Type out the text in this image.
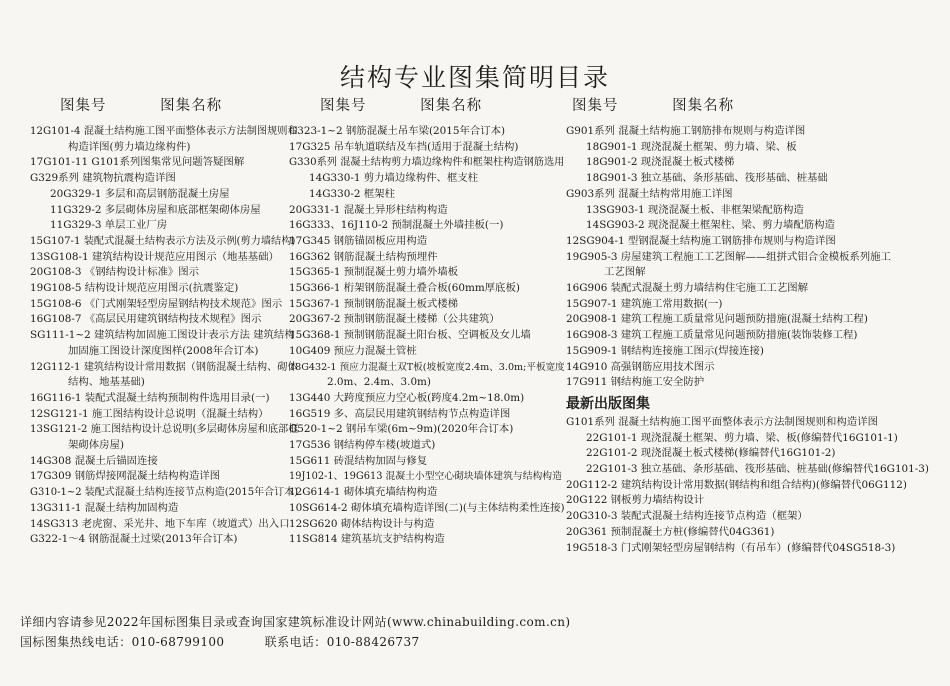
结构专业图集简明目录
图集号	图集名称	图集号	图集名称	图集号	图集名称
12G101-4 混凝土结构施工图平面整体表示方法制图规则和
构造详图(剪力墙边缘构件)
17G101-11 G101系列图集常见问题答疑图解
G329系列 建筑物抗震构造详图
20G329-1 多层和高层钢筋混凝土房屋
11G329-2 多层砌体房屋和底部框架砌体房屋
11G329-3 单层工业厂房
15G107-1 装配式混凝土结构表示方法及示例(剪力墙结构)
13SG108-1 建筑结构设计规范应用图示（地基基础）
20G108-3 《钢结构设计标准》图示
19G108-5 结构设计规范应用图示(抗震鉴定)
15G108-6 《门式刚架轻型房屋钢结构技术规范》图示
16G108-7 《高层民用建筑钢结构技术规程》图示
SG111-1~2 建筑结构加固施工图设计表示方法 建筑结构
加固施工图设计深度图样(2008年合订本)
12G112-1 建筑结构设计常用数据（钢筋混凝土结构、砌体
结构、地基基础)
16G116-1 装配式混凝土结构预制构件选用目录(一)
12SG121-1 施工图结构设计总说明（混凝土结构）
13SG121-2 施工图结构设计总说明(多层砌体房屋和底部框
架砌体房屋)
14G308 混凝土后锚固连接
17G309 钢筋焊接网混凝土结构构造详图
G310-1~2 装配式混凝土结构连接节点构造(2015年合订本)
13G311-1 混凝土结构加固构造
14SG313 老虎窗、采光井、地下车库（坡道式）出入口
G322-1～4 钢筋混凝土过梁(2013年合订本)
G323-1~2 钢筋混凝土吊车梁(2015年合订本)
17G325 吊车轨道联结及车挡(适用于混凝土结构)
G330系列 混凝土结构剪力墙边缘构件和框架柱构造钢筋选用
14G330-1 剪力墙边缘构件、框支柱
14G330-2 框架柱
20G331-1 混凝土异形柱结构构造
16G333、16J110-2 预制混凝土外墙挂板(一)
17G345 钢筋锚固板应用构造
16G362 钢筋混凝土结构预埋件
15G365-1 预制混凝土剪力墙外墙板
15G366-1 桁架钢筋混凝土叠合板(60mm厚底板)
15G367-1 预制钢筋混凝土板式楼梯
20G367-2 预制钢筋混凝土楼梯（公共建筑）
15G368-1 预制钢筋混凝土阳台板、空调板及女儿墙
10G409 预应力混凝土管桩
18G432-1 预应力混凝土双T板(坡板宽度2.4m、3.0m;平板宽度
2.0m、2.4m、3.0m)
13G440 大跨度预应力空心板(跨度4.2m~18.0m)
16G519 多、高层民用建筑钢结构节点构造详图
G520-1~2 钢吊车梁(6m~9m)(2020年合订本)
17G536 钢结构停车楼(坡道式)
15G611 砖混结构加固与修复
19J102-1、19G613 混凝土小型空心砌块墙体建筑与结构构造
12G614-1 砌体填充墙结构构造
10SG614-2 砌体填充墙构造详图(二)(与主体结构柔性连接)
12SG620 砌体结构设计与构造
11SG814 建筑基坑支护结构构造
G901系列 混凝土结构施工钢筋排布规则与构造详图
18G901-1 现浇混凝土框架、剪力墙、梁、板
18G901-2 现浇混凝土板式楼梯
18G901-3 独立基础、条形基础、筏形基础、桩基础
G903系列 混凝土结构常用施工详图
13SG903-1 现浇混凝土板、非框架梁配筋构造
14SG903-2 现浇混凝土框架柱、梁、剪力墙配筋构造
12SG904-1 型钢混凝土结构施工钢筋排布规则与构造详图
19G905-3 房屋建筑工程施工工艺图解——组拼式铝合金模板系列施工
工艺图解
16G906 装配式混凝土剪力墙结构住宅施工工艺图解
15G907-1 建筑施工常用数据(一)
20G908-1 建筑工程施工质量常见问题预防措施(混凝土结构工程)
16G908-3 建筑工程施工质量常见问题预防措施(装饰装修工程)
15G909-1 钢结构连接施工图示(焊接连接)
14G910 高强钢筋应用技术图示
17G911 钢结构施工安全防护
最新出版图集
G101系列 混凝土结构施工图平面整体表示方法制图规则和构造详图
22G101-1 现浇混凝土框架、剪力墙、梁、板(修编替代16G101-1)
22G101-2 现浇混凝土板式楼梯(修编替代16G101-2)
22G101-3 独立基础、条形基础、筏形基础、桩基础(修编替代16G101-3)
20G112-2 建筑结构设计常用数据(钢结构和组合结构)(修编替代06G112)
20G122 钢板剪力墙结构设计
20G310-3 装配式混凝土结构连接节点构造（框架）
20G361 预制混凝土方桩(修编替代04G361)
19G518-3 门式刚架轻型房屋钢结构（有吊车）(修编替代04SG518-3)
详细内容请参见2022年国标图集目录或查询国家建筑标准设计网站(www.chinabuilding.com.cn)
国标图集热线电话：010-68799100	联系电话：010-88426737
